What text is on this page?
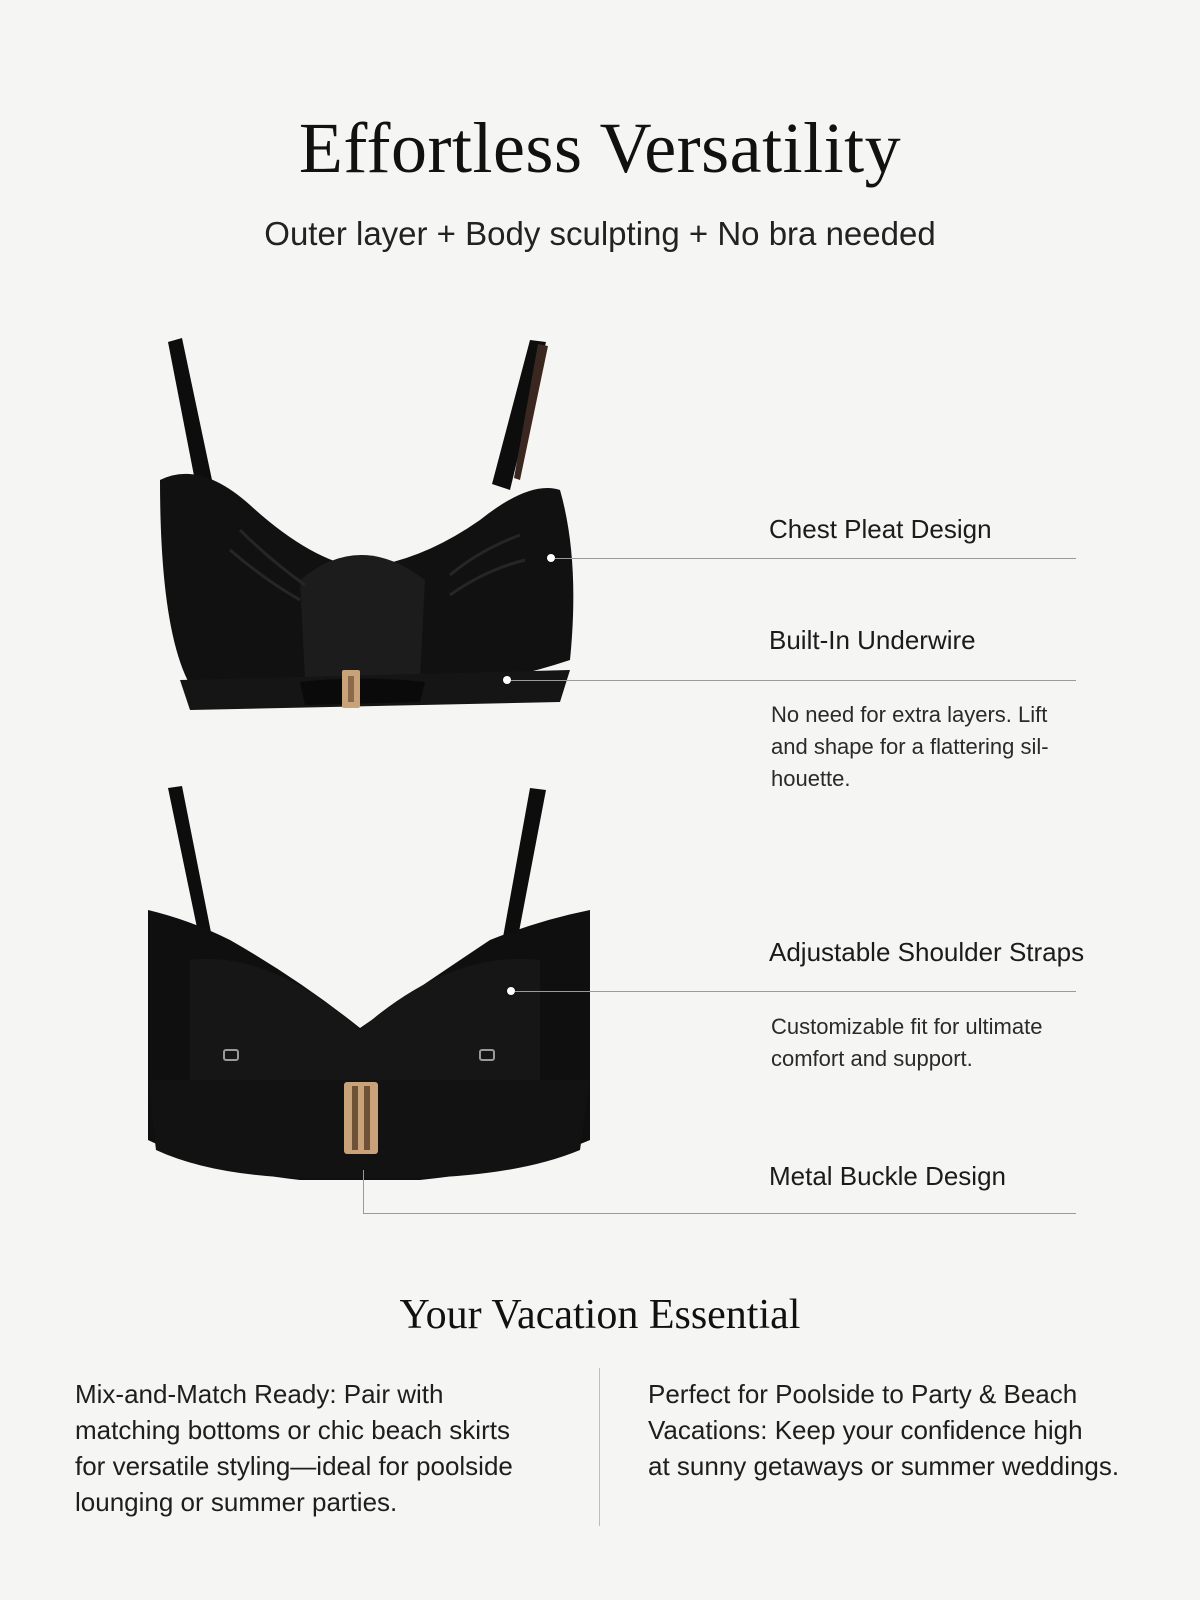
Effortless Versatility
Outer layer + Body sculpting + No bra needed
Chest Pleat Design
Built-In Underwire
No need for extra layers. Lift
and shape for a flattering sil-
houette.
Adjustable Shoulder Straps
Customizable fit for ultimate
comfort and support.
Metal Buckle Design
Your Vacation Essential
Mix-and-Match Ready: Pair with
matching bottoms or chic beach skirts
for versatile styling—ideal for poolside
lounging or summer parties.
Perfect for Poolside to Party & Beach
Vacations: Keep your confidence high
at sunny getaways or summer weddings.
